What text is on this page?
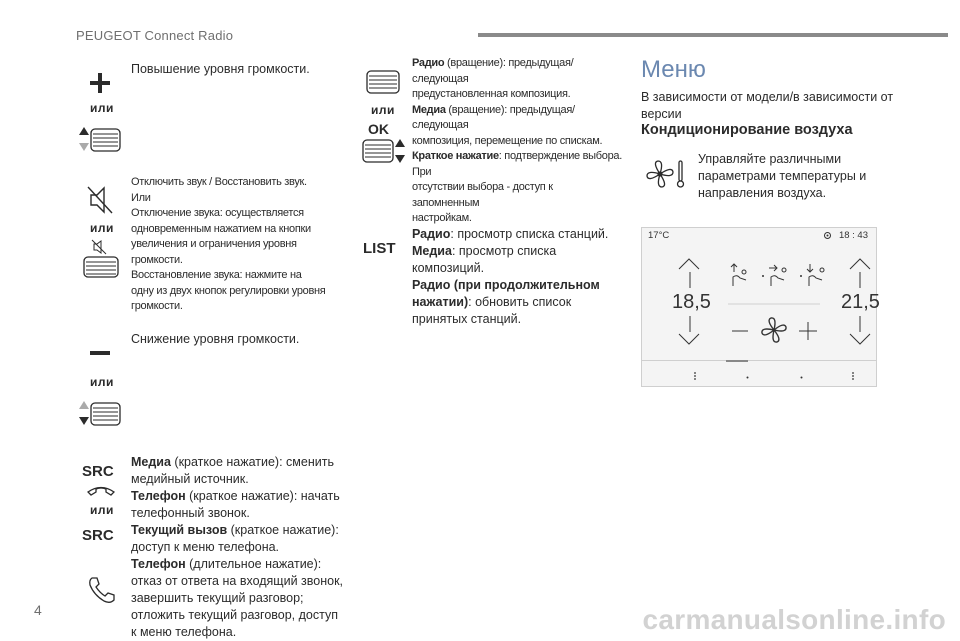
PEUGEOT Connect Radio
или
Повышение уровня громкости.
или
Отключить звук / Восстановить звук.
Или
Отключение звука: осуществляется
одновременным нажатием на кнопки
увеличения и ограничения уровня
громкости.
Восстановление звука: нажмите на
одну из двух кнопок регулировки уровня
громкости.
или
Снижение уровня громкости.
SRC
или
SRC
Медиа (краткое нажатие): сменить
медийный источник.
Телефон (краткое нажатие): начать
телефонный звонок.
Текущий вызов (краткое нажатие):
доступ к меню телефона.
Телефон (длительное нажатие):
отказ от ответа на входящий звонок,
завершить текущий разговор;
отложить текущий разговор, доступ
к меню телефона.
или
OK
Радио (вращение): предыдущая/следующая
предустановленная композиция.
Медиа (вращение): предыдущая/следующая
композиция, перемещение по спискам.
Краткое нажатие: подтверждение выбора. При
отсутствии выбора - доступ к запомненным
настройкам.
LIST
Радио: просмотр списка станций.
Медиа: просмотр списка
композиций.
Радио (при продолжительном
нажатии): обновить список
принятых станций.
Меню
В зависимости от модели/в зависимости от
версии
Кондиционирование воздуха
Управляйте различными
параметрами температуры и
направления воздуха.
17°C	18 : 43
18,5	21,5
4	carmanualsonline.info
